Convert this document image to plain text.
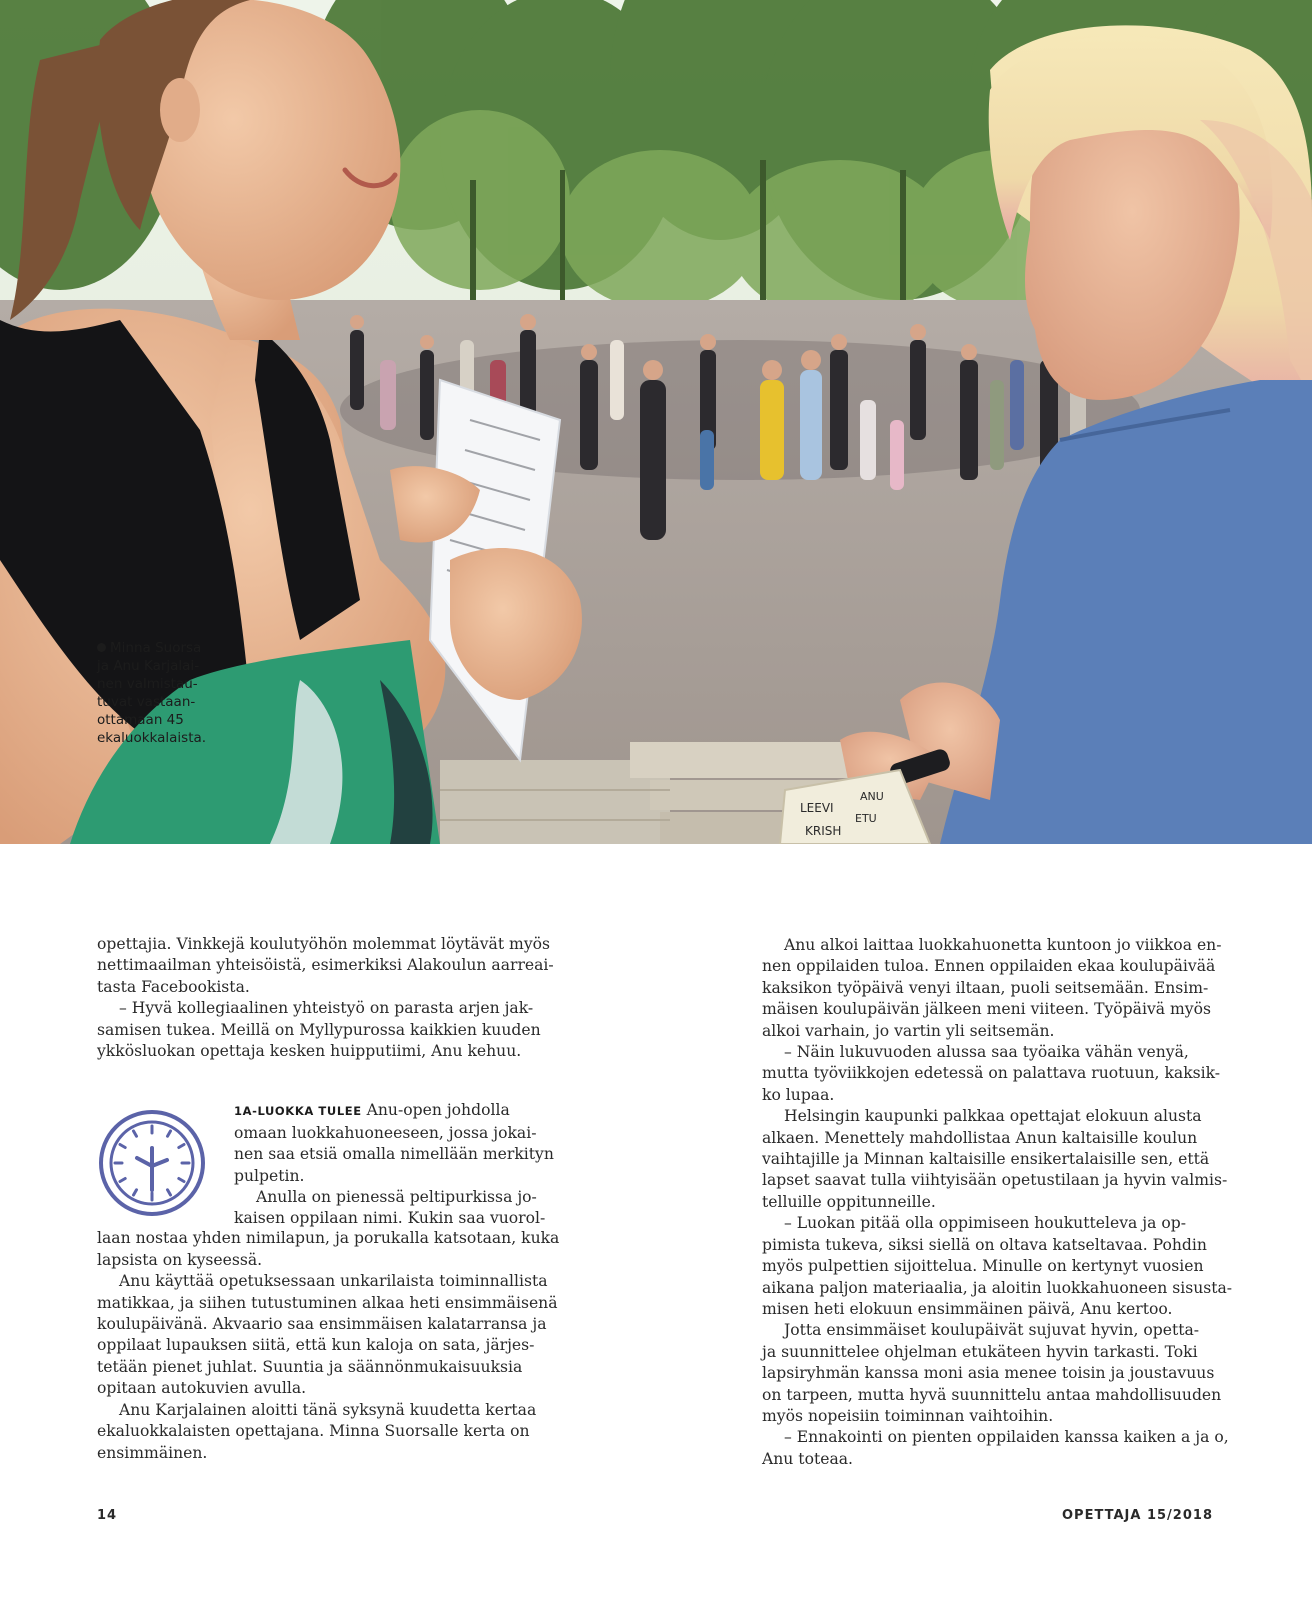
LEEVI
KRISH
ANU
ETU
Minna Suorsa
ja Anu Karjalai-
nen valmistau-
tuvat vastaan-
ottamaan 45
ekaluokkalaista.
opettajia. Vinkkejä koulutyöhön molemmat löytävät myös
nettimaailman yhteisöistä, esimerkiksi Alakoulun aarreai-
tasta Facebookista.
– Hyvä kollegiaalinen yhteistyö on parasta arjen jak-
samisen tukea. Meillä on Myllypurossa kaikkien kuuden
ykkösluokan opettaja kesken huipputiimi, Anu kehuu.
1A-LUOKKA TULEE Anu-open johdolla
omaan luokkahuoneeseen, jossa jokai-
nen saa etsiä omalla nimellään merkityn
pulpetin.
Anulla on pienessä peltipurkissa jo-
kaisen oppilaan nimi. Kukin saa vuorol-
laan nostaa yhden nimilapun, ja porukalla katsotaan, kuka
lapsista on kyseessä.
Anu käyttää opetuksessaan unkarilaista toiminnallista
matikkaa, ja siihen tutustuminen alkaa heti ensimmäisenä
koulupäivänä. Akvaario saa ensimmäisen kalatarransa ja
oppilaat lupauksen siitä, että kun kaloja on sata, järjes-
tetään pienet juhlat. Suuntia ja säännönmukaisuuksia
opitaan autokuvien avulla.
Anu Karjalainen aloitti tänä syksynä kuudetta kertaa
ekaluokkalaisten opettajana. Minna Suorsalle kerta on
ensimmäinen.
Anu alkoi laittaa luokkahuonetta kuntoon jo viikkoa en-
nen oppilaiden tuloa. Ennen oppilaiden ekaa koulupäivää
kaksikon työpäivä venyi iltaan, puoli seitsemään. Ensim-
mäisen koulupäivän jälkeen meni viiteen. Työpäivä myös
alkoi varhain, jo vartin yli seitsemän.
– Näin lukuvuoden alussa saa työaika vähän venyä,
mutta työviikkojen edetessä on palattava ruotuun, kaksik-
ko lupaa.
Helsingin kaupunki palkkaa opettajat elokuun alusta
alkaen. Menettely mahdollistaa Anun kaltaisille koulun
vaihtajille ja Minnan kaltaisille ensikertalaisille sen, että
lapset saavat tulla viihtyisään opetustilaan ja hyvin valmis-
telluille oppitunneille.
– Luokan pitää olla oppimiseen houkutteleva ja op-
pimista tukeva, siksi siellä on oltava katseltavaa. Pohdin
myös pulpettien sijoittelua. Minulle on kertynyt vuosien
aikana paljon materiaalia, ja aloitin luokkahuoneen sisusta-
misen heti elokuun ensimmäinen päivä, Anu kertoo.
Jotta ensimmäiset koulupäivät sujuvat hyvin, opetta-
ja suunnittelee ohjelman etukäteen hyvin tarkasti. Toki
lapsiryhmän kanssa moni asia menee toisin ja joustavuus
on tarpeen, mutta hyvä suunnittelu antaa mahdollisuuden
myös nopeisiin toiminnan vaihtoihin.
– Ennakointi on pienten oppilaiden kanssa kaiken a ja o,
Anu toteaa.
14	OPETTAJA 15/2018
